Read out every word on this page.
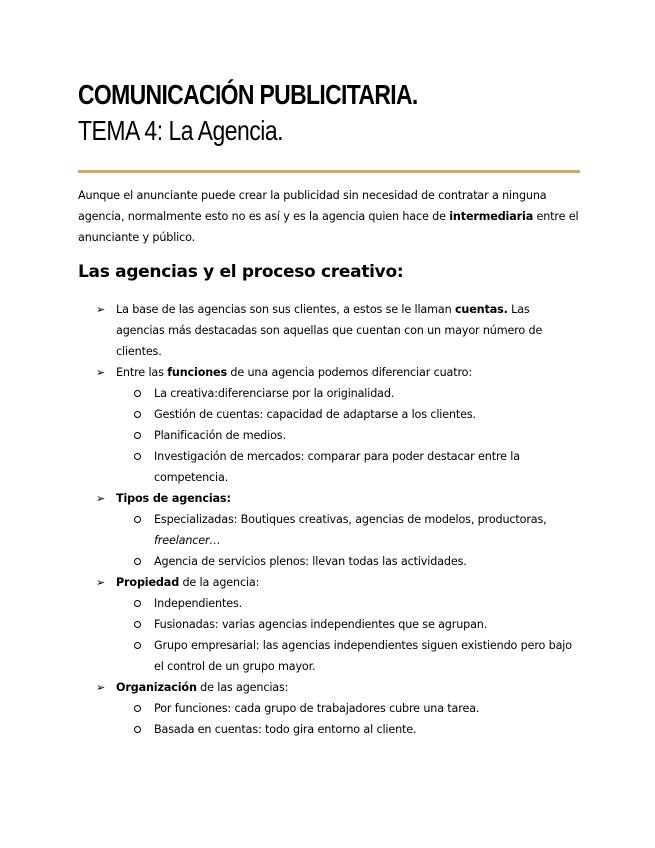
COMUNICACIÓN PUBLICITARIA.
TEMA 4: La Agencia.

Aunque el anunciante puede crear la publicidad sin necesidad de contratar a ninguna agencia, normalmente esto no es así y es la agencia quien hace de intermediaria entre el anunciante y público.

Las agencias y el proceso creativo:
➢ La base de las agencias son sus clientes, a estos se le llaman cuentas. Las agencias más destacadas son aquellas que cuentan con un mayor número de clientes.
➢ Entre las funciones de una agencia podemos diferenciar cuatro:
La creativa:diferenciarse por la originalidad.
Gestión de cuentas: capacidad de adaptarse a los clientes.
Planificación de medios.
Investigación de mercados: comparar para poder destacar entre la competencia.
➢ Tipos de agencias:
Especializadas: Boutiques creativas, agencias de modelos, productoras, freelancer…
Agencia de servicios plenos: llevan todas las actividades.
➢ Propiedad de la agencia:
Independientes.
Fusionadas: varias agencias independientes que se agrupan.
Grupo empresarial: las agencias independientes siguen existiendo pero bajo el control de un grupo mayor.
➢ Organización de las agencias:
Por funciones: cada grupo de trabajadores cubre una tarea.
Basada en cuentas: todo gira entorno al cliente.
